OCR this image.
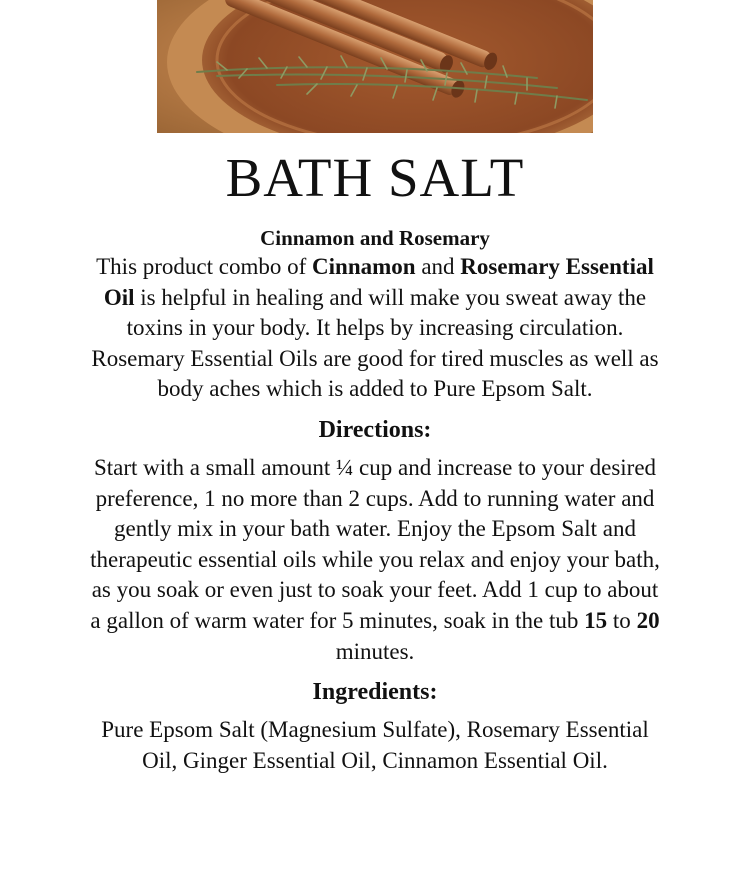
BATH SALT

Cinnamon and Rosemary

This product combo of Cinnamon and Rosemary Essential Oil is helpful in healing and will make you sweat away the toxins in your body. It helps by increasing circulation. Rosemary Essential Oils are good for tired muscles as well as body aches which is added to Pure Epsom Salt.

Directions:

Start with a small amount ¼ cup and increase to your desired preference, 1 no more than 2 cups. Add to running water and gently mix in your bath water. Enjoy the Epsom Salt and therapeutic essential oils while you relax and enjoy your bath, as you soak or even just to soak your feet. Add 1 cup to about a gallon of warm water for 5 minutes, soak in the tub 15 to 20 minutes.

Ingredients:

Pure Epsom Salt (Magnesium Sulfate), Rosemary Essential Oil, Ginger Essential Oil, Cinnamon Essential Oil.
